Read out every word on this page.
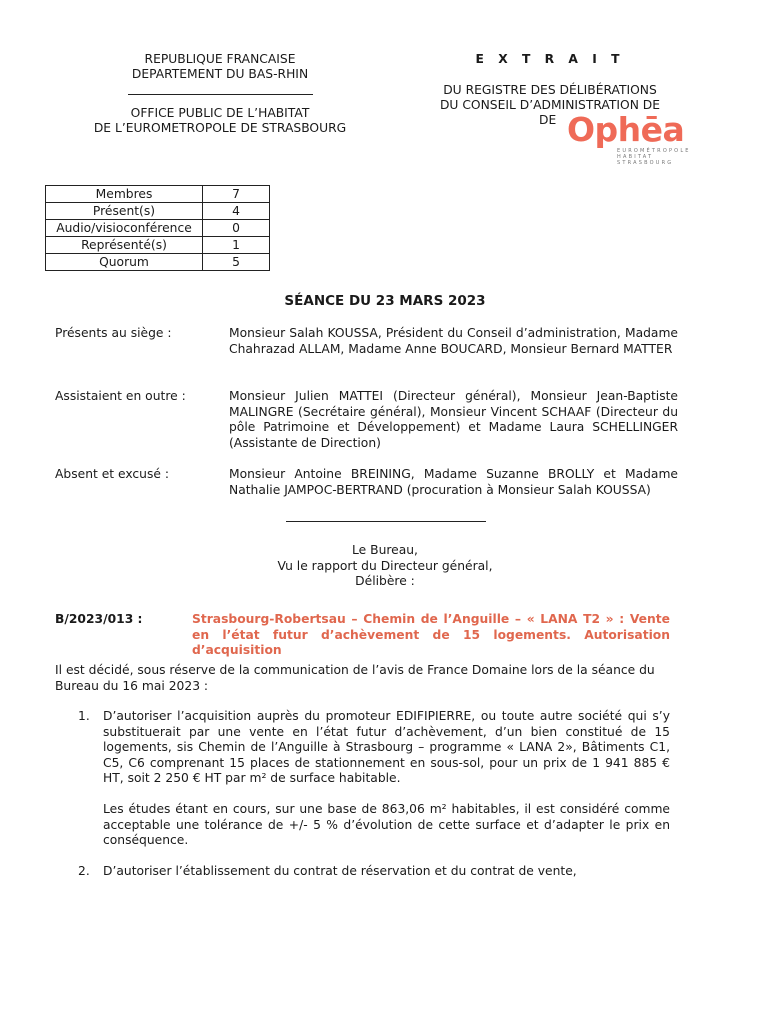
REPUBLIQUE FRANCAISE
DEPARTEMENT DU BAS-RHIN
OFFICE PUBLIC DE L’HABITAT
DE L’EUROMETROPOLE DE STRASBOURG
E X T R A I T
DU REGISTRE DES DÉLIBÉRATIONS
DU CONSEIL D’ADMINISTRATION DE
DE Ophēa
EUROMÉTROPOLE
HABITAT
STRASBOURG
Membres	7
Présent(s)	4
Audio/visioconférence	0
Représenté(s)	1
Quorum	5
SÉANCE DU 23 MARS 2023
Présents au siège :	Monsieur Salah KOUSSA, Président du Conseil d’administration, Madame Chahrazad ALLAM, Madame Anne BOUCARD, Monsieur Bernard MATTER
Assistaient en outre :	Monsieur Julien MATTEI (Directeur général), Monsieur Jean-Baptiste MALINGRE (Secrétaire général), Monsieur Vincent SCHAAF (Directeur du pôle Patrimoine et Développement) et Madame Laura SCHELLINGER (Assistante de Direction)
Absent et excusé :	Monsieur Antoine BREINING, Madame Suzanne BROLLY et Madame Nathalie JAMPOC-BERTRAND (procuration à Monsieur Salah KOUSSA)
Le Bureau,
Vu le rapport du Directeur général,
Délibère :
B/2023/013 :	Strasbourg-Robertsau – Chemin de l’Anguille – « LANA T2 » : Vente en l’état futur d’achèvement de 15 logements. Autorisation d’acquisition
Il est décidé, sous réserve de la communication de l’avis de France Domaine lors de la séance du Bureau du 16 mai 2023 :
1. D’autoriser l’acquisition auprès du promoteur EDIFIPIERRE, ou toute autre société qui s’y substituerait par une vente en l’état futur d’achèvement, d’un bien constitué de 15 logements, sis Chemin de l’Anguille à Strasbourg – programme « LANA 2», Bâtiments C1, C5, C6 comprenant 15 places de stationnement en sous-sol, pour un prix de 1 941 885 € HT, soit 2 250 € HT par m² de surface habitable.
Les études étant en cours, sur une base de 863,06 m² habitables, il est considéré comme acceptable une tolérance de +/- 5 % d’évolution de cette surface et d’adapter le prix en conséquence.
2. D’autoriser l’établissement du contrat de réservation et du contrat de vente,
